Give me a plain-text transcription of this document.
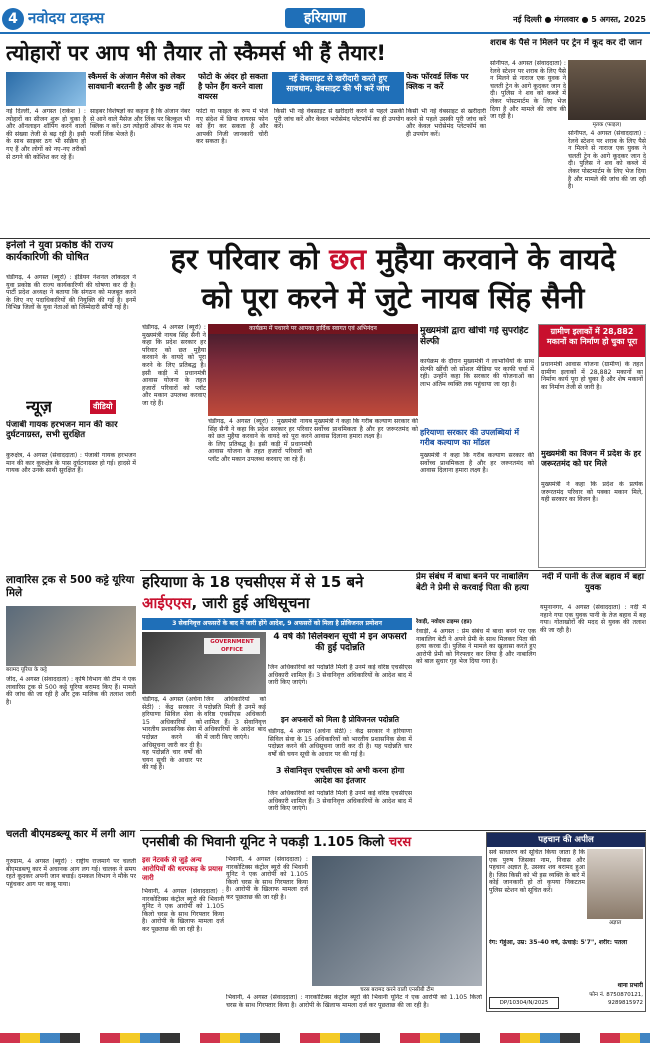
4 नवोदय टाइम्स	हरियाणा	नई दिल्ली ● मंगलवार ● 5 अगस्त, 2025
त्योहारों पर आप भी तैयार तो स्कैमर्स भी हैं तैयार!
स्कैमर्स के अंजान मैसेज को लेकर सावधानी बरतनी है और कुछ नहीं
फोटो के अंदर हो सकता है फोन हैंग करने वाला वायरस
नई वेबसाइट से खरीदारी करते हुए सावधान, वेबसाइट की भी करें जांच
फेक फॉरवर्ड लिंक पर क्लिक न करें
नई दिल्ली, 4 अगस्त (राकेश ) : त्योहारों का सीजन शुरू हो चुका है और ऑनलाइन शॉपिंग करने वालों की संख्या तेजी से बढ़ रही है। इसी के साथ साइबर ठग भी सक्रिय हो गए हैं और लोगों को नए-नए तरीकों से ठगने की कोशिश कर रहे हैं।
साइबर विशेषज्ञों का कहना है कि अंजान नंबर से आने वाले मैसेज और लिंक पर बिल्कुल भी क्लिक न करें। ठग त्योहारी ऑफर के नाम पर फर्जी लिंक भेजते हैं।
फोटो या फाइल के रूप में भेजे गए संदेश में छिपा वायरस फोन को हैंग कर सकता है और आपकी निजी जानकारी चोरी कर सकता है।
किसी भी नई वेबसाइट से खरीदारी करने से पहले उसकी पूरी जांच करें और केवल भरोसेमंद प्लेटफॉर्म का ही उपयोग करें।
किसी भी नई वेबसाइट से खरीदारी करने से पहले उसकी पूरी जांच करें और केवल भरोसेमंद प्लेटफॉर्म का ही उपयोग करें।
शराब के पैसे न मिलने पर ट्रेन में कूद कर दी जान
सोनीपत, 4 अगस्त (संवाददाता) : रेलवे स्टेशन पर शराब के लिए पैसे न मिलने से नाराज एक युवक ने चलती ट्रेन के आगे कूदकर जान दे दी। पुलिस ने शव को कब्जे में लेकर पोस्टमार्टम के लिए भेज दिया है और मामले की जांच की जा रही है।
मृतक (फाइल)
सोनीपत, 4 अगस्त (संवाददाता) : रेलवे स्टेशन पर शराब के लिए पैसे न मिलने से नाराज एक युवक ने चलती ट्रेन के आगे कूदकर जान दे दी। पुलिस ने शव को कब्जे में लेकर पोस्टमार्टम के लिए भेज दिया है और मामले की जांच की जा रही है।
इनेलो ने युवा प्रकोष्ठ की राज्य कार्यकारिणी की घोषित
चंडीगढ़, 4 अगस्त (ब्यूरो) : इंडियन नेशनल लोकदल ने युवा प्रकोष्ठ की राज्य कार्यकारिणी की घोषणा कर दी है। पार्टी प्रदेश अध्यक्ष ने बताया कि संगठन को मजबूत करने के लिए नए पदाधिकारियों की नियुक्ति की गई है। इनमें विभिन्न जिलों के युवा नेताओं को जिम्मेदारी सौंपी गई है।
हर परिवार को छत मुहैया करवाने के वायदे
को पूरा करने में जुटे नायब सिंह सैनी
चंडीगढ़, 4 अगस्त (ब्यूरो) : मुख्यमंत्री नायब सिंह सैनी ने कहा कि प्रदेश सरकार हर परिवार को छत मुहैया करवाने के वायदे को पूरा करने के लिए प्रतिबद्ध है। इसी कड़ी में प्रधानमंत्री आवास योजना के तहत हजारों परिवारों को प्लॉट और मकान उपलब्ध करवाए जा रहे हैं।
कार्यक्रम में पधारने पर आपका हार्दिक स्वागत एवं अभिनंदन
चंडीगढ़, 4 अगस्त (ब्यूरो) : मुख्यमंत्री नायब सिंह सैनी ने कहा कि प्रदेश सरकार हर परिवार को छत मुहैया करवाने के वायदे को पूरा करने के लिए प्रतिबद्ध है। इसी कड़ी में प्रधानमंत्री आवास योजना के तहत हजारों परिवारों को प्लॉट और मकान उपलब्ध करवाए जा रहे हैं।
मुख्यमंत्री ने कहा कि गरीब कल्याण सरकार की सर्वोच्च प्राथमिकता है और हर जरूरतमंद को आवास दिलाना हमारा लक्ष्य है।
मुख्यमंत्री द्वारा खींची गई सुपरहिट सेल्फी
कार्यक्रम के दौरान मुख्यमंत्री ने लाभार्थियों के साथ सेल्फी खींची जो सोशल मीडिया पर काफी चर्चा में रही। उन्होंने कहा कि सरकार की योजनाओं का लाभ अंतिम व्यक्ति तक पहुंचाया जा रहा है।
हरियाणा सरकार की उपलब्धियां में गरीब कल्याण का मॉडल
मुख्यमंत्री ने कहा कि गरीब कल्याण सरकार की सर्वोच्च प्राथमिकता है और हर जरूरतमंद को आवास दिलाना हमारा लक्ष्य है।
ग्रामीण इलाकों में 28,882 मकानों का निर्माण हो चुका पूरा
प्रधानमंत्री आवास योजना (ग्रामीण) के तहत ग्रामीण इलाकों में 28,882 मकानों का निर्माण कार्य पूरा हो चुका है और शेष मकानों का निर्माण तेजी से जारी है।
मुख्यमंत्री का विजन में प्रदेश के हर जरूरतमंद को घर मिले
मुख्यमंत्री ने कहा कि प्रदेश के प्रत्येक जरूरतमंद परिवार को पक्का मकान मिले, यही सरकार का विजन है।
न्यूज़	वीडियो
पंजाबी गायक हरभजन मान की कार दुर्घटनाग्रस्त, सभी सुरक्षित
कुरुक्षेत्र, 4 अगस्त (संवाददाता) : पंजाबी गायक हरभजन मान की कार कुरुक्षेत्र के पास दुर्घटनाग्रस्त हो गई। हादसे में गायक और उनके साथी सुरक्षित हैं।
लावारिस ट्रक से 500 कट्टे यूरिया मिले
बरामद यूरिया के कट्टे
जींद, 4 अगस्त (संवाददाता) : कृषि विभाग की टीम ने एक लावारिस ट्रक से 500 कट्टे यूरिया बरामद किए हैं। मामले की जांच की जा रही है और ट्रक मालिक की तलाश जारी है।
चलती बीएमडब्ल्यू कार में लगी आग
गुरुग्राम, 4 अगस्त (ब्यूरो) : राष्ट्रीय राजमार्ग पर चलती बीएमडब्ल्यू कार में अचानक आग लग गई। चालक ने समय रहते कूदकर अपनी जान बचाई। दमकल विभाग ने मौके पर पहुंचकर आग पर काबू पाया।
हरियाणा के 18 एचसीएस में से 15 बने आईएएस, जारी हुई अधिसूचना
3 सेवानिवृत्त अफसरों के बाद में जारी होंगे आदेश, 9 अफसरों को मिला है प्रोविजनल प्रमोशन
GOVERNMENT OFFICE
4 वर्ष की सिलेक्शन सूची में इन अफसरों की हुई पदोन्नति
जिन अधिकारियों को पदोन्नति मिली है उनमें कई वरिष्ठ एचसीएस अधिकारी शामिल हैं। 3 सेवानिवृत्त अधिकारियों के आदेश बाद में जारी किए जाएंगे।
इन अफसरों को मिला है प्रोविजनल पदोन्नति
चंडीगढ़, 4 अगस्त (अर्चना सेठी) : केंद्र सरकार ने हरियाणा सिविल सेवा के 15 अधिकारियों को भारतीय प्रशासनिक सेवा में पदोन्नत करने की अधिसूचना जारी कर दी है। यह पदोन्नति चार वर्षों की चयन सूची के आधार पर की गई है।
3 सेवानिवृत्त एचसीएस को अभी करना होगा आदेश का इंतजार
जिन अधिकारियों को पदोन्नति मिली है उनमें कई वरिष्ठ एचसीएस अधिकारी शामिल हैं। 3 सेवानिवृत्त अधिकारियों के आदेश बाद में जारी किए जाएंगे।
चंडीगढ़, 4 अगस्त (अर्चना सेठी) : केंद्र सरकार ने हरियाणा सिविल सेवा के 15 अधिकारियों को भारतीय प्रशासनिक सेवा में पदोन्नत करने की अधिसूचना जारी कर दी है। यह पदोन्नति चार वर्षों की चयन सूची के आधार पर की गई है।
जिन अधिकारियों को पदोन्नति मिली है उनमें कई वरिष्ठ एचसीएस अधिकारी शामिल हैं। 3 सेवानिवृत्त अधिकारियों के आदेश बाद में जारी किए जाएंगे।
प्रेम संबंध में बाधा बनने पर नाबालिग बेटी ने प्रेमी से करवाई पिता की हत्या
रेवाड़ी, नवोदय टाइम्स (हप्र)
रेवाड़ी, 4 अगस्त : प्रेम संबंध में बाधा बनने पर एक नाबालिग बेटी ने अपने प्रेमी के साथ मिलकर पिता की हत्या करवा दी। पुलिस ने मामले का खुलासा करते हुए आरोपी प्रेमी को गिरफ्तार कर लिया है और नाबालिग को बाल सुधार गृह भेज दिया गया है।
नदी में पानी के तेज बहाव में बहा युवक
यमुनानगर, 4 अगस्त (संवाददाता) : नदी में नहाने गया एक युवक पानी के तेज बहाव में बह गया। गोताखोरों की मदद से युवक की तलाश की जा रही है।
एनसीबी की भिवानी यूनिट ने पकड़ी 1.105 किलो चरस
इस नेटवर्क से जुड़े अन्य आरोपियों की धरपकड़ के प्रयास जारी
भिवानी, 4 अगस्त (संवाददाता) : नारकोटिक्स कंट्रोल ब्यूरो की भिवानी यूनिट ने एक आरोपी को 1.105 किलो चरस के साथ गिरफ्तार किया है। आरोपी के खिलाफ मामला दर्ज कर पूछताछ की जा रही है।
भिवानी, 4 अगस्त (संवाददाता) : नारकोटिक्स कंट्रोल ब्यूरो की भिवानी यूनिट ने एक आरोपी को 1.105 किलो चरस के साथ गिरफ्तार किया है। आरोपी के खिलाफ मामला दर्ज कर पूछताछ की जा रही है।
चरस बरामद करने वाली एनसीबी टीम
भिवानी, 4 अगस्त (संवाददाता) : नारकोटिक्स कंट्रोल ब्यूरो की भिवानी यूनिट ने एक आरोपी को 1.105 किलो चरस के साथ गिरफ्तार किया है। आरोपी के खिलाफ मामला दर्ज कर पूछताछ की जा रही है।
पहचान की अपील
सर्व साधारण को सूचित किया जाता है कि एक पुरुष जिसका नाम, निवास और पहचान अज्ञात है, उसका शव बरामद हुआ है। जिस किसी को भी इस व्यक्ति के बारे में कोई जानकारी हो तो कृपया निकटतम पुलिस स्टेशन को सूचित करें।
अज्ञात
रंग: गेहुंआ, उम्र: 35-40 वर्ष, ऊंचाई: 5'7", शरीर: पतला
DP/10304/N/2025
थाना प्रभारी
फोन नं. 8750870121, 9289815972
